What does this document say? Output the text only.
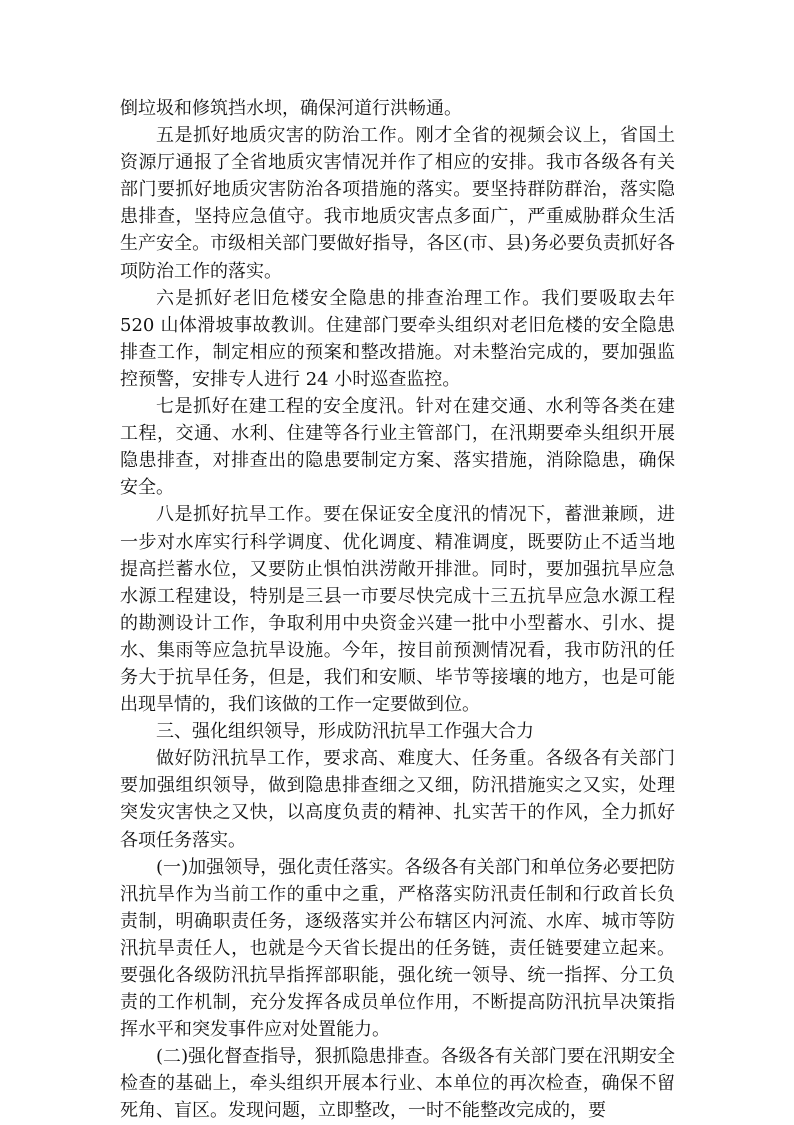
倒垃圾和修筑挡水坝，确保河道行洪畅通。

五是抓好地质灾害的防治工作。刚才全省的视频会议上，省国土资源厅通报了全省地质灾害情况并作了相应的安排。我市各级各有关部门要抓好地质灾害防治各项措施的落实。要坚持群防群治，落实隐患排查，坚持应急值守。我市地质灾害点多面广，严重威胁群众生活生产安全。市级相关部门要做好指导，各区(市、县)务必要负责抓好各项防治工作的落实。

六是抓好老旧危楼安全隐患的排查治理工作。我们要吸取去年520 山体滑坡事故教训。住建部门要牵头组织对老旧危楼的安全隐患排查工作，制定相应的预案和整改措施。对未整治完成的，要加强监控预警，安排专人进行 24 小时巡查监控。

七是抓好在建工程的安全度汛。针对在建交通、水利等各类在建工程，交通、水利、住建等各行业主管部门，在汛期要牵头组织开展隐患排查，对排查出的隐患要制定方案、落实措施，消除隐患，确保安全。

八是抓好抗旱工作。要在保证安全度汛的情况下，蓄泄兼顾，进一步对水库实行科学调度、优化调度、精准调度，既要防止不适当地提高拦蓄水位，又要防止惧怕洪涝敞开排泄。同时，要加强抗旱应急水源工程建设，特别是三县一市要尽快完成十三五抗旱应急水源工程的勘测设计工作，争取利用中央资金兴建一批中小型蓄水、引水、提水、集雨等应急抗旱设施。今年，按目前预测情况看，我市防汛的任务大于抗旱任务，但是，我们和安顺、毕节等接壤的地方，也是可能出现旱情的，我们该做的工作一定要做到位。

三、强化组织领导，形成防汛抗旱工作强大合力

做好防汛抗旱工作，要求高、难度大、任务重。各级各有关部门要加强组织领导，做到隐患排查细之又细，防汛措施实之又实，处理突发灾害快之又快，以高度负责的精神、扎实苦干的作风，全力抓好各项任务落实。

(一)加强领导，强化责任落实。各级各有关部门和单位务必要把防汛抗旱作为当前工作的重中之重，严格落实防汛责任制和行政首长负责制，明确职责任务，逐级落实并公布辖区内河流、水库、城市等防汛抗旱责任人，也就是今天省长提出的任务链，责任链要建立起来。要强化各级防汛抗旱指挥部职能，强化统一领导、统一指挥、分工负责的工作机制，充分发挥各成员单位作用，不断提高防汛抗旱决策指挥水平和突发事件应对处置能力。

(二)强化督查指导，狠抓隐患排查。各级各有关部门要在汛期安全检查的基础上，牵头组织开展本行业、本单位的再次检查，确保不留死角、盲区。发现问题，立即整改，一时不能整改完成的，要
